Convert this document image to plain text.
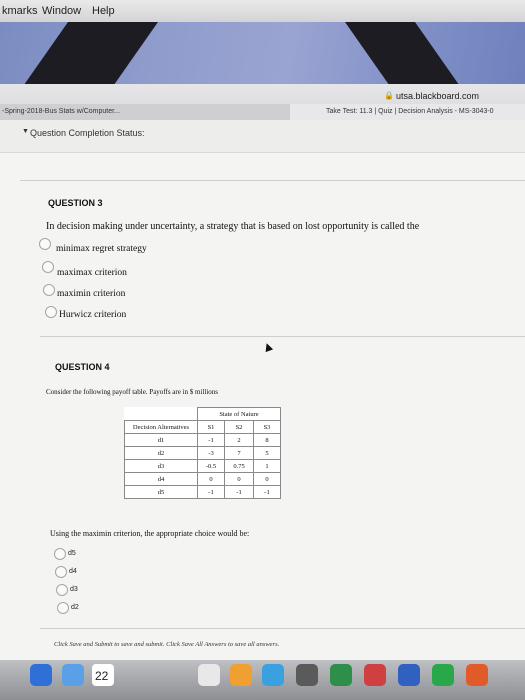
kmarks Window Help
🔒 utsa.blackboard.com
-Spring-2018-Bus Stats w/Computer...	Take Test: 11.3 | Quiz | Decision Analysis - MS-3043-0
▼ Question Completion Status:
QUESTION 3
In decision making under uncertainty, a strategy that is based on lost opportunity is called the
minimax regret strategy
maximax criterion
maximin criterion
Hurwicz criterion
QUESTION 4
Consider the following payoff table. Payoffs are in $ millions
	State of Nature		
Decision Alternatives	S1	S2	S3
d1	-1	2	8
d2	-3	7	5
d3	-0.5	0.75	1
d4	0	0	0
d5	-1	-1	-1
Using the maximin criterion, the appropriate choice would be:
d5
d4
d3
d2
Click Save and Submit to save and submit. Click Save All Answers to save all answers.
22
